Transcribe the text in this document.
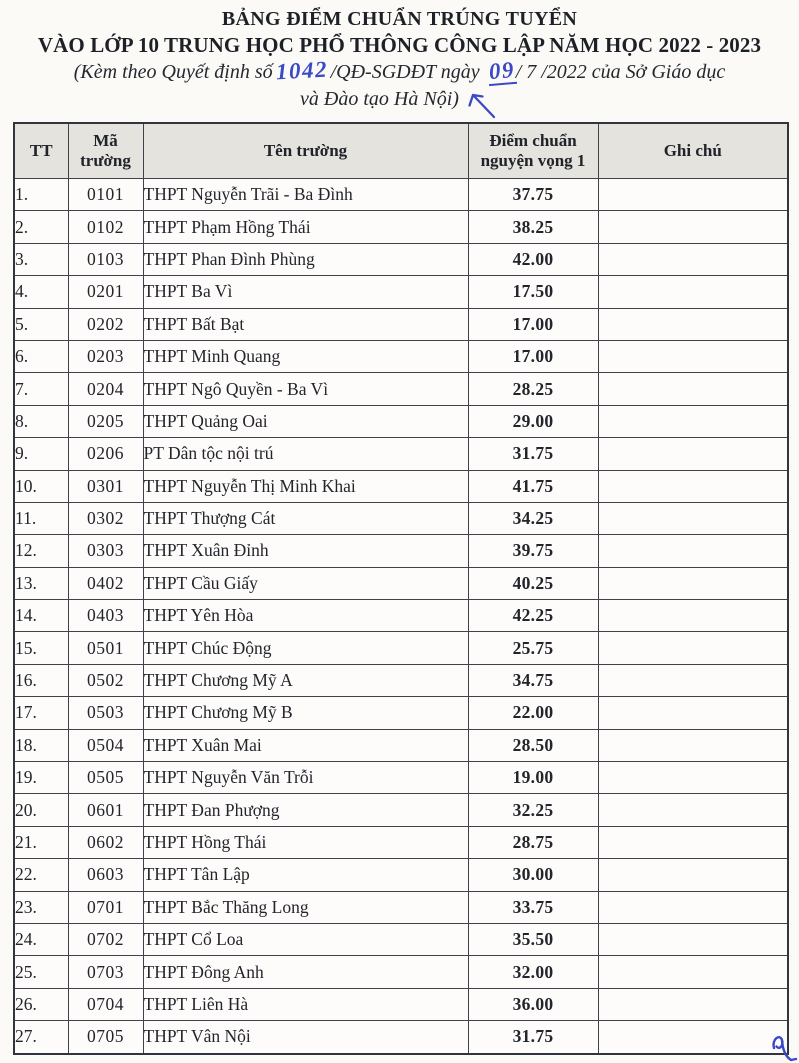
BẢNG ĐIỂM CHUẨN TRÚNG TUYỂN
VÀO LỚP 10 TRUNG HỌC PHỔ THÔNG CÔNG LẬP NĂM HỌC 2022 - 2023
(Kèm theo Quyết định số 1042 /QĐ-SGDĐT ngày 09/ 7 /2022 của Sở Giáo dục
và Đào tạo Hà Nội)
TT	Mã trường	Tên trường	Điểm chuẩn nguyện vọng 1	Ghi chú
1.	0101	THPT Nguyễn Trãi - Ba Đình	37.75	
2.	0102	THPT Phạm Hồng Thái	38.25	
3.	0103	THPT Phan Đình Phùng	42.00	
4.	0201	THPT Ba Vì	17.50	
5.	0202	THPT Bất Bạt	17.00	
6.	0203	THPT Minh Quang	17.00	
7.	0204	THPT Ngô Quyền - Ba Vì	28.25	
8.	0205	THPT Quảng Oai	29.00	
9.	0206	PT Dân tộc nội trú	31.75	
10.	0301	THPT Nguyễn Thị Minh Khai	41.75	
11.	0302	THPT Thượng Cát	34.25	
12.	0303	THPT Xuân Đỉnh	39.75	
13.	0402	THPT Cầu Giấy	40.25	
14.	0403	THPT Yên Hòa	42.25	
15.	0501	THPT Chúc Động	25.75	
16.	0502	THPT Chương Mỹ A	34.75	
17.	0503	THPT Chương Mỹ B	22.00	
18.	0504	THPT Xuân Mai	28.50	
19.	0505	THPT Nguyễn Văn Trỗi	19.00	
20.	0601	THPT Đan Phượng	32.25	
21.	0602	THPT Hồng Thái	28.75	
22.	0603	THPT Tân Lập	30.00	
23.	0701	THPT Bắc Thăng Long	33.75	
24.	0702	THPT Cổ Loa	35.50	
25.	0703	THPT Đông Anh	32.00	
26.	0704	THPT Liên Hà	36.00	
27.	0705	THPT Vân Nội	31.75	
